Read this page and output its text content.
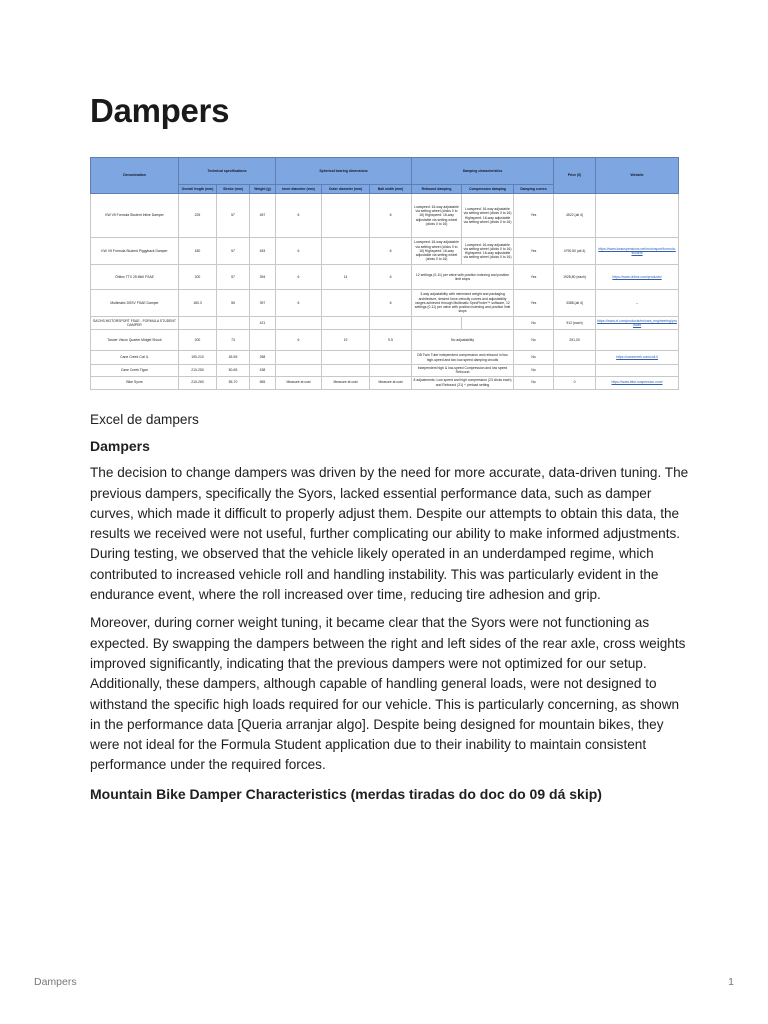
Dampers
Denomination	Technical specifications			Spherical bearing dimensions			Damping characteristics			Price (€)	Website
	Overall length (mm)	Stroke (mm)	Weight (g)	Inner diameter (mm)	Outer diameter (mm)	Ball width (mm)	Rebound damping	Compression damping	Damping curves		
KW V5 Formula Student Inline Damper	225	57	457	6		6	Lowspeed: 16-way adjustable via setting wheel (clicks 0 to 16) Highspeed: 16-way adjustable via setting wheel (clicks 0 to 16)	Lowspeed: 16-way adjustable via setting wheel (clicks 0 to 16) Highspeed: 16-way adjustable via setting wheel (clicks 0 to 16)	Yes	4522 (all 4)	
KW V5 Formula Student Piggyback Damper	180	57	453	6		6	Lowspeed: 16-way adjustable via setting wheel (clicks 0 to 16) Highspeed: 16-way adjustable via setting wheel (clicks 0 to 16)	Lowspeed: 16-way adjustable via setting wheel (clicks 0 to 16) Highspeed: 16-way adjustable via setting wheel (clicks 0 to 16)	Yes	4790,50 (all 4)	https://www.kwsuspensions.net/motorsport/formula-student
Öhlins TTX 25 MkII FSAE	200	57	394	6	14	6	12 settings (0-11) per valve with position indexing and position limit stops		Yes	1928,80 (each)	https://www.ohlins.com/products/
Multimatic DSSV FSAE Damper	180.3	55	397	6		6	3-way adjustability with minimized weight and packaging architecture, desired force-velocity curves and adjustability ranges achieved through Multimatic SpecFinder™ software, 12 settings (0-11) per valve with position indexing and position limit stops		Yes	3388 (all 4)	–
SACHS MOTORSPORT FSAE - FORMULA STUDENT DAMPER			421						No	912 (each)	https://www.zf.com/products/en/cars_engineering/products
Tanner Vision Quarter Midget Shock	200	73		6	19	9.5	No adjustability		No	251,00	
Cane Creek Coil IL	190-210	45-55	258				DB Twin Tube independent compression and rebound in two high-speed and two low-speed damping circuits		No		https://canecreek.com/coil-il
Cane Creek Tigon	210-250	50-65	438				Independent high & low-speed Compression and low speed Rebound		No		
Bike Syors	210-260	55-70	565	Measure at cost	Measure at cost	Measure at cost	8 adjustments: Low speed and high compression (23 clicks each) and Rebound (21) + preload setting		No	0	https://www.bike-suspension.com/

Excel de dampers

Dampers

The decision to change dampers was driven by the need for more accurate, data-driven tuning. The previous dampers, specifically the Syors, lacked essential performance data, such as damper curves, which made it difficult to properly adjust them. Despite our attempts to obtain this data, the results we received were not useful, further complicating our ability to make informed adjustments. During testing, we observed that the vehicle likely operated in an underdamped regime, which contributed to increased vehicle roll and handling instability. This was particularly evident in the endurance event, where the roll increased over time, reducing tire adhesion and grip.

Moreover, during corner weight tuning, it became clear that the Syors were not functioning as expected. By swapping the dampers between the right and left sides of the rear axle, cross weights improved significantly, indicating that the previous dampers were not optimized for our setup. Additionally, these dampers, although capable of handling general loads, were not designed to withstand the specific high loads required for our vehicle. This is particularly concerning, as shown in the performance data [Queria arranjar algo]. Despite being designed for mountain bikes, they were not ideal for the Formula Student application due to their inability to maintain consistent performance under the required forces.

Mountain Bike Damper Characteristics (merdas tiradas do doc do 09 dá skip)
Dampers	1
